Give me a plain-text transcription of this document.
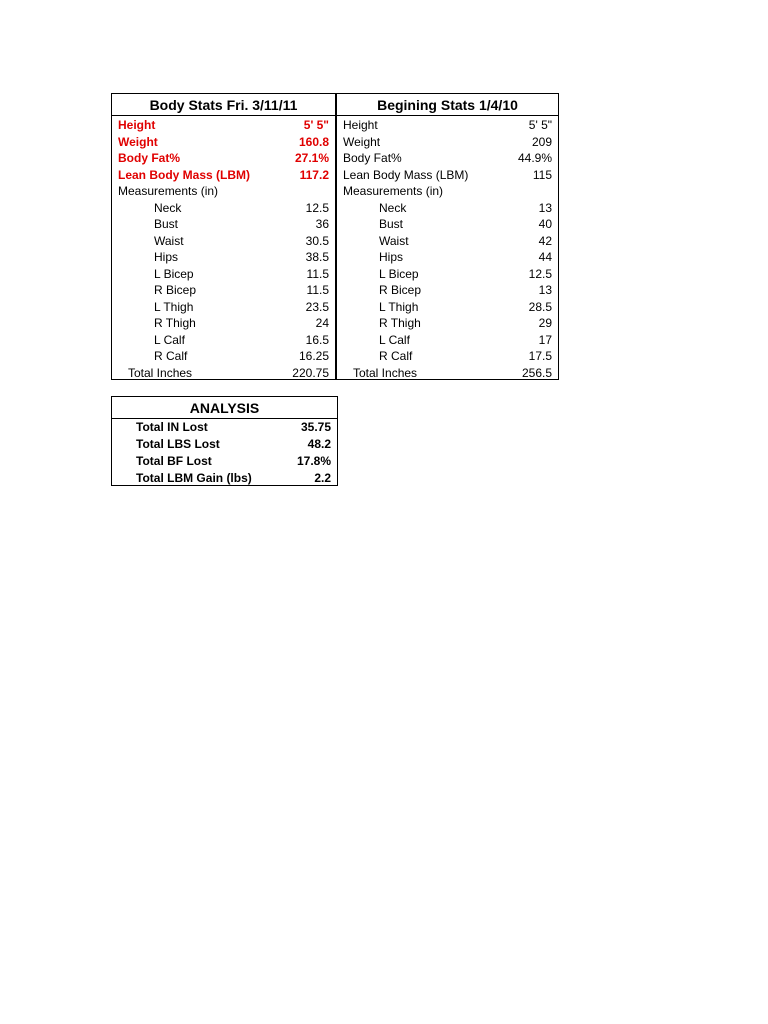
Body Stats Fri. 3/11/11
Height	5' 5"
Weight	160.8
Body Fat%	27.1%
Lean Body Mass (LBM)	117.2
Measurements (in)
Neck	12.5
Bust	36
Waist	30.5
Hips	38.5
L Bicep	11.5
R Bicep	11.5
L Thigh	23.5
R Thigh	24
L Calf	16.5
R Calf	16.25
Total Inches	220.75
Begining Stats 1/4/10
Height	5' 5"
Weight	209
Body Fat%	44.9%
Lean Body Mass (LBM)	115
Measurements (in)
Neck	13
Bust	40
Waist	42
Hips	44
L Bicep	12.5
R Bicep	13
L Thigh	28.5
R Thigh	29
L Calf	17
R Calf	17.5
Total Inches	256.5
ANALYSIS
Total IN Lost	35.75
Total LBS Lost	48.2
Total BF Lost	17.8%
Total LBM Gain (lbs)	2.2
